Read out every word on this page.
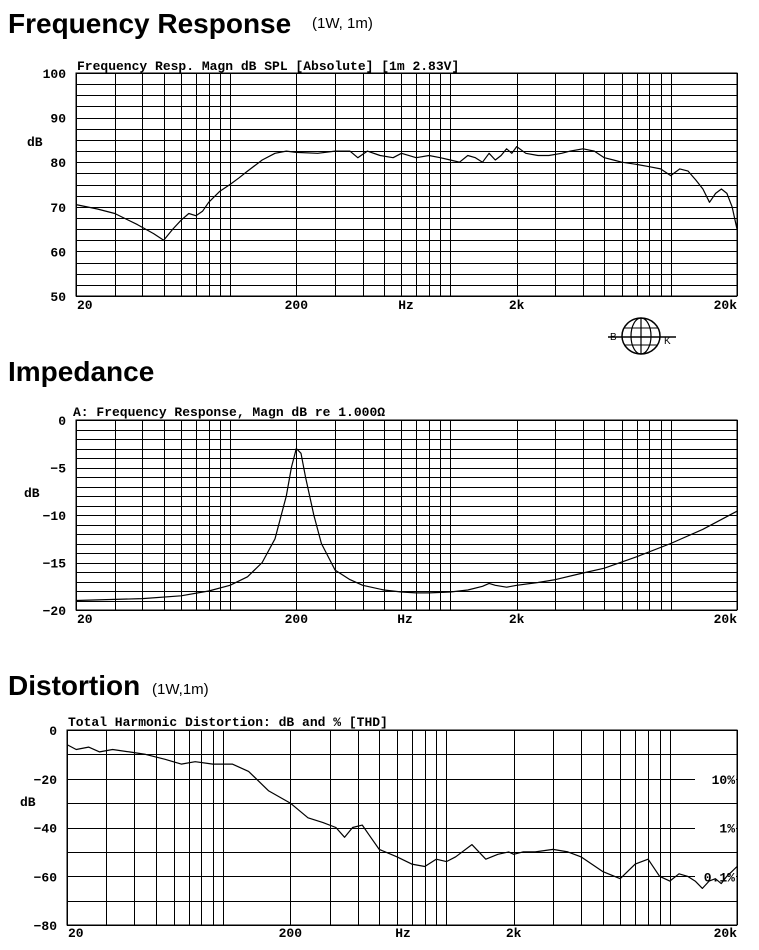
Frequency Response (1W, 1m)
Impedance
Distortion (1W,1m)
Frequency Resp. Magn dB SPL [Absolute] [1m 2.83V]
100
90
80
70
60
50
dB
20	200	2k	20k
Hz
A: Frequency Response, Magn dB re 1.000Ω
0
−5
−10
−15
−20
dB
20	200	2k	20k
Hz
Total Harmonic Distortion: dB and % [THD]
0
−20
−40
−60
−80
dB
20	200	2k	20k
Hz
10%
1%
0.1%
B	K
